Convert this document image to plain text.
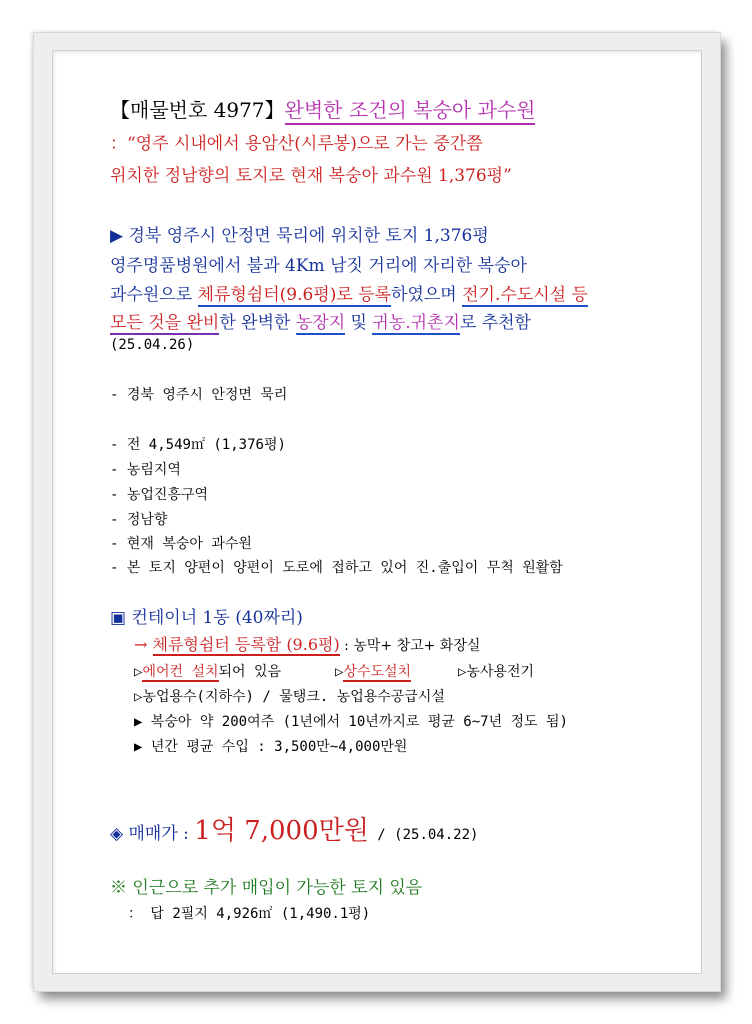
【매물번호 4977】완벽한 조건의 복숭아 과수원
：“영주 시내에서 용암산(시루봉)으로 가는 중간쯤
위치한 정남향의 토지로 현재 복숭아 과수원 1,376평”
▶ 경북 영주시 안정면 묵리에 위치한 토지 1,376평
영주명품병원에서 불과 4Km 남짓 거리에 자리한 복숭아
과수원으로 체류형쉼터(9.6평)로 등록하였으며 전기.수도시설 등
모든 것을 완비한 완벽한 농장지 및 귀농.귀촌지로 추천함
(25.04.26)
- 경북 영주시 안정면 묵리
- 전 4,549㎡ (1,376평)
- 농림지역
- 농업진흥구역
- 정남향
- 현재 복숭아 과수원
- 본 토지 양편이 양편이 도로에 접하고 있어 진.출입이 무척 원활함
▣ 컨테이너 1동 (40짜리)
→ 체류형쉼터 등록함 (9.6평) : 농막+ 창고+ 화장실
▷에어컨 설치되어 있음	▷상수도설치	▷농사용전기
▷농업용수(지하수) / 물탱크. 농업용수공급시설
▶ 복숭아 약 200여주 (1년에서 10년까지로 평균 6~7년 정도 됨)
▶ 년간 평균 수입 : 3,500만~4,000만원
◈ 매매가 : 1억 7,000만원 / (25.04.22)
※ 인근으로 추가 매입이 가능한 토지 있음
： 답 2필지 4,926㎡ (1,490.1평)
